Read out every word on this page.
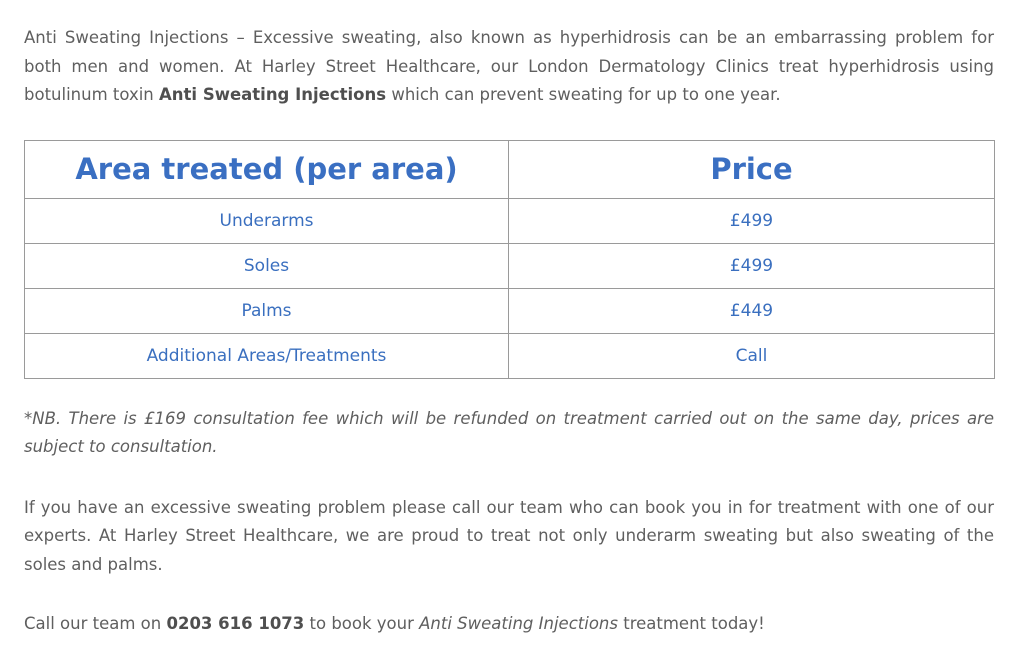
Anti Sweating Injections – Excessive sweating, also known as hyperhidrosis can be an embarrassing problem for both men and women. At Harley Street Healthcare, our London Dermatology Clinics treat hyperhidrosis using botulinum toxin Anti Sweating Injections which can prevent sweating for up to one year.

Area treated (per area)	Price
Underarms	£499
Soles	£499
Palms	£449
Additional Areas/Treatments	Call

*NB. There is £169 consultation fee which will be refunded on treatment carried out on the same day, prices are subject to consultation.

If you have an excessive sweating problem please call our team who can book you in for treatment with one of our experts. At Harley Street Healthcare, we are proud to treat not only underarm sweating but also sweating of the soles and palms.

Call our team on 0203 616 1073 to book your Anti Sweating Injections treatment today!
